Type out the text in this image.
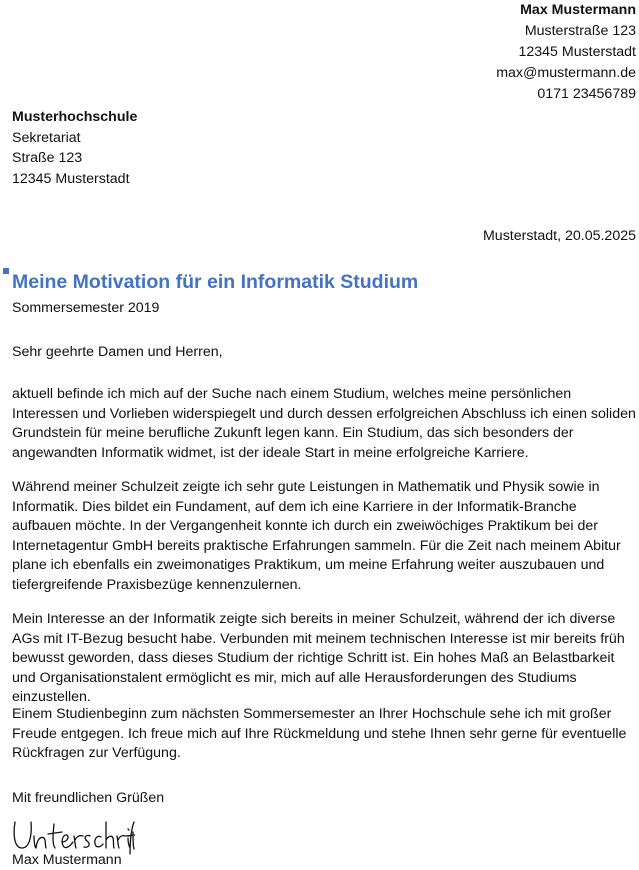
Max Mustermann
Musterstraße 123
12345 Musterstadt
max@mustermann.de
0171 23456789
Musterhochschule
Sekretariat
Straße 123
12345 Musterstadt
Musterstadt, 20.05.2025
Meine Motivation für ein Informatik Studium
Sommersemester 2019
Sehr geehrte Damen und Herren,

aktuell befinde ich mich auf der Suche nach einem Studium, welches meine persönlichen Interessen und Vorlieben widerspiegelt und durch dessen erfolgreichen Abschluss ich einen soliden Grundstein für meine berufliche Zukunft legen kann. Ein Studium, das sich besonders der angewandten Informatik widmet, ist der ideale Start in meine erfolgreiche Karriere.

Während meiner Schulzeit zeigte ich sehr gute Leistungen in Mathematik und Physik sowie in Informatik. Dies bildet ein Fundament, auf dem ich eine Karriere in der Informatik-Branche aufbauen möchte. In der Vergangenheit konnte ich durch ein zweiwöchiges Praktikum bei der Internetagentur GmbH bereits praktische Erfahrungen sammeln. Für die Zeit nach meinem Abitur plane ich ebenfalls ein zweimonatiges Praktikum, um meine Erfahrung weiter auszubauen und tiefergreifende Praxisbezüge kennenzulernen.

Mein Interesse an der Informatik zeigte sich bereits in meiner Schulzeit, während der ich diverse AGs mit IT-Bezug besucht habe. Verbunden mit meinem technischen Interesse ist mir bereits früh bewusst geworden, dass dieses Studium der richtige Schritt ist. Ein hohes Maß an Belastbarkeit und Organisationstalent ermöglicht es mir, mich auf alle Herausforderungen des Studiums einzustellen.

Einem Studienbeginn zum nächsten Sommersemester an Ihrer Hochschule sehe ich mit großer Freude entgegen. Ich freue mich auf Ihre Rückmeldung und stehe Ihnen sehr gerne für eventuelle Rückfragen zur Verfügung.

Mit freundlichen Grüßen
Max Mustermann
